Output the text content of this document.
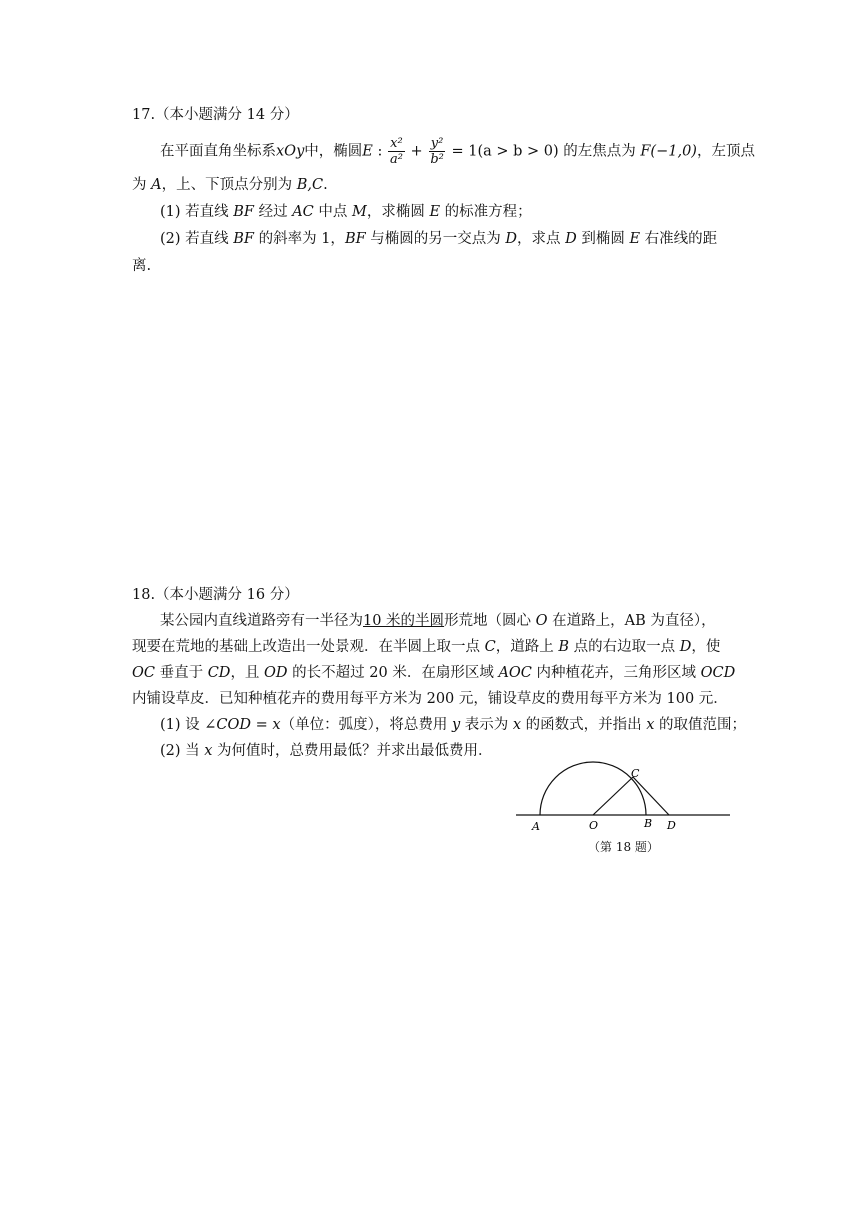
17.（本小题满分 14 分）
在平面直角坐标系xOy中，椭圆E : $\frac{\text{x²}}{\text{a²}} + \frac{\text{y²}}{\text{b²}} = 1(a > b > 0)$ 的左焦点为 F(−1,0)，左顶点
为 A，上、下顶点分别为 B,C.
(1) 若直线 BF 经过 AC 中点 M，求椭圆 E 的标准方程；
(2) 若直线 BF 的斜率为 1，BF 与椭圆的另一交点为 D，求点 D 到椭圆 E 右准线的距
离.
18.（本小题满分 16 分）
某公园内直线道路旁有一半径为10 米的半圆形荒地（圆心 O 在道路上，AB 为直径），
现要在荒地的基础上改造出一处景观．在半圆上取一点 C，道路上 B 点的右边取一点 D，使
OC 垂直于 CD，且 OD 的长不超过 20 米．在扇形区域 AOC 内种植花卉，三角形区域 OCD
内铺设草皮．已知种植花卉的费用每平方米为 200 元，铺设草皮的费用每平方米为 100 元．
(1) 设 ∠COD = x（单位：弧度），将总费用 y 表示为 x 的函数式，并指出 x 的取值范围；
(2) 当 x 为何值时，总费用最低？并求出最低费用．
A	O	B D
C
（第 18 题）
